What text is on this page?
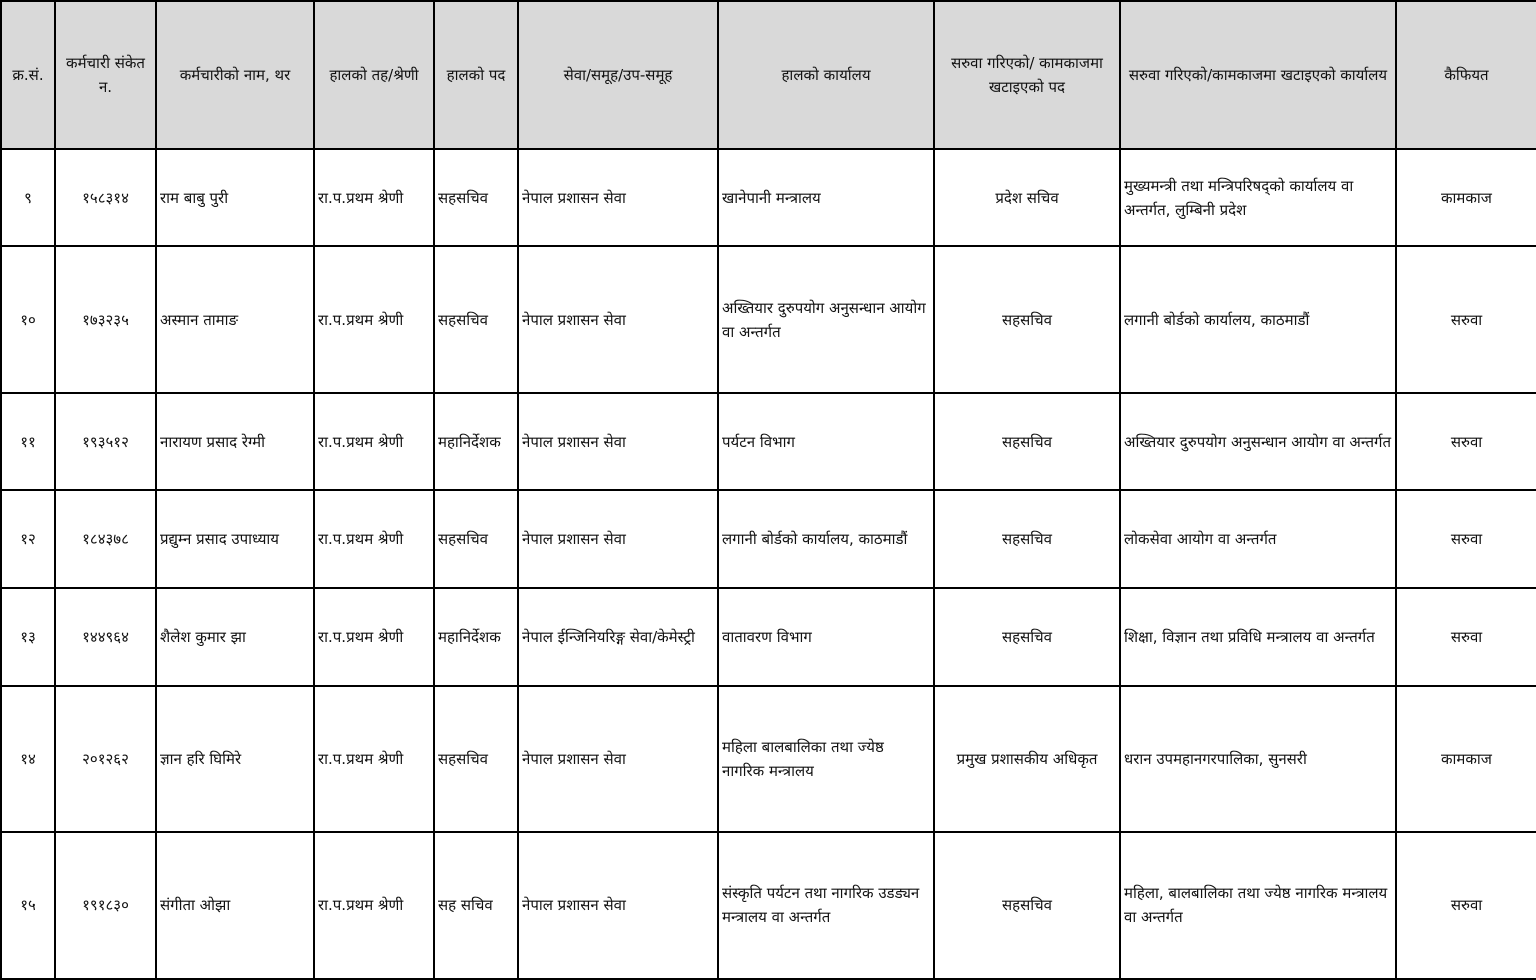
क्र.सं.	कर्मचारी संकेत न.	कर्मचारीको नाम, थर	हालको तह/श्रेणी	हालको पद	सेवा/समूह/उप-समूह	हालको कार्यालय	सरुवा गरिएको/ कामकाजमा खटाइएको पद	सरुवा गरिएको/कामकाजमा खटाइएको कार्यालय	कैफियत
९	१५८३१४	राम बाबु पुरी	रा.प.प्रथम श्रेणी	सहसचिव	नेपाल प्रशासन सेवा	खानेपानी मन्त्रालय	प्रदेश सचिव	मुख्यमन्त्री तथा मन्त्रिपरिषद्को कार्यालय वा अन्तर्गत, लुम्बिनी प्रदेश	कामकाज
१०	१७३२३५	अस्मान तामाङ	रा.प.प्रथम श्रेणी	सहसचिव	नेपाल प्रशासन सेवा	अख्तियार दुरुपयोग अनुसन्धान आयोग वा अन्तर्गत	सहसचिव	लगानी बोर्डको कार्यालय, काठमाडौं	सरुवा
११	१९३५१२	नारायण प्रसाद रेग्मी	रा.प.प्रथम श्रेणी	महानिर्देशक	नेपाल प्रशासन सेवा	पर्यटन विभाग	सहसचिव	अख्तियार दुरुपयोग अनुसन्धान आयोग वा अन्तर्गत	सरुवा
१२	१८४३७८	प्रद्युम्न प्रसाद उपाध्याय	रा.प.प्रथम श्रेणी	सहसचिव	नेपाल प्रशासन सेवा	लगानी बोर्डको कार्यालय, काठमाडौं	सहसचिव	लोकसेवा आयोग वा अन्तर्गत	सरुवा
१३	१४४९६४	शैलेश कुमार झा	रा.प.प्रथम श्रेणी	महानिर्देशक	नेपाल ईन्जिनियरिङ्ग सेवा/केमेस्ट्री	वातावरण विभाग	सहसचिव	शिक्षा, विज्ञान तथा प्रविधि मन्त्रालय वा अन्तर्गत	सरुवा
१४	२०१२६२	ज्ञान हरि घिमिरे	रा.प.प्रथम श्रेणी	सहसचिव	नेपाल प्रशासन सेवा	महिला बालबालिका तथा ज्येष्ठ नागरिक मन्त्रालय	प्रमुख प्रशासकीय अधिकृत	धरान उपमहानगरपालिका, सुनसरी	कामकाज
१५	१९१८३०	संगीता ओझा	रा.प.प्रथम श्रेणी	सह सचिव	नेपाल प्रशासन सेवा	संस्कृति पर्यटन तथा नागरिक उडड्यन मन्त्रालय वा अन्तर्गत	सहसचिव	महिला, बालबालिका तथा ज्येष्ठ नागरिक मन्त्रालय वा अन्तर्गत	सरुवा
